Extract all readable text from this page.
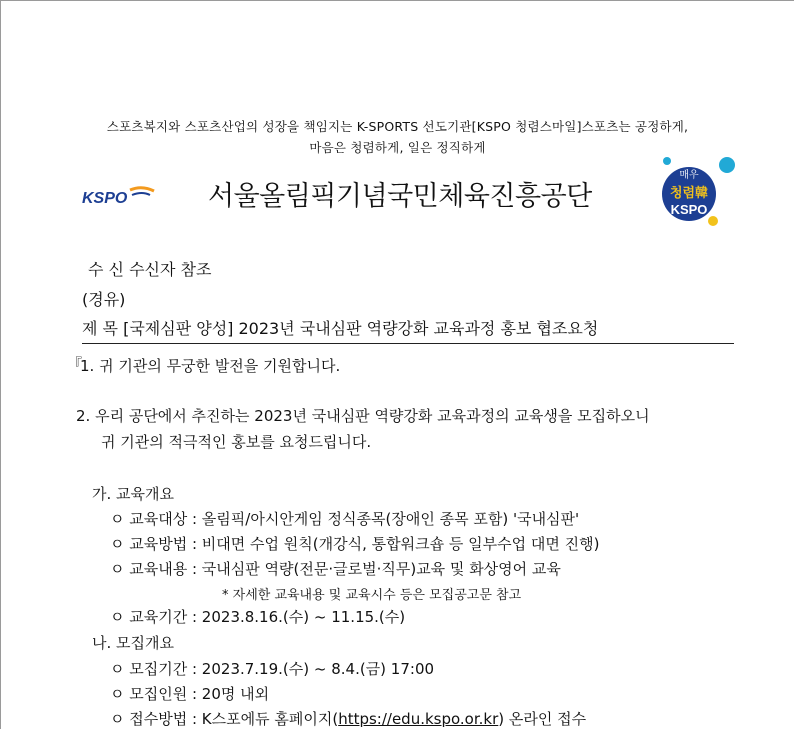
스포츠복지와 스포츠산업의 성장을 책임지는 K-SPORTS 선도기관[KSPO 청렴스마일]스포츠는 공정하게,
마음은 청렴하게, 일은 정직하게
KSPO	서울올림픽기념국민체육진흥공단
매우
청렴韓
KSPO
수 신 수신자 참조
(경유)
제 목 [국제심판 양성] 2023년 국내심판 역량강화 교육과정 홍보 협조요청
『
1. 귀 기관의 무궁한 발전을 기원합니다.
2. 우리 공단에서 추진하는 2023년 국내심판 역량강화 교육과정의 교육생을 모집하오니
귀 기관의 적극적인 홍보를 요청드립니다.
가. 교육개요
ㅇ 교육대상 : 올림픽/아시안게임 정식종목(장애인 종목 포함) '국내심판'
ㅇ 교육방법 : 비대면 수업 원칙(개강식, 통합워크숍 등 일부수업 대면 진행)
ㅇ 교육내용 : 국내심판 역량(전문·글로벌·직무)교육 및 화상영어 교육
* 자세한 교육내용 및 교육시수 등은 모집공고문 참고
ㅇ 교육기간 : 2023.8.16.(수) ~ 11.15.(수)
나. 모집개요
ㅇ 모집기간 : 2023.7.19.(수) ~ 8.4.(금) 17:00
ㅇ 모집인원 : 20명 내외
ㅇ 접수방법 : K스포에듀 홈페이지(https://edu.kspo.or.kr) 온라인 접수
